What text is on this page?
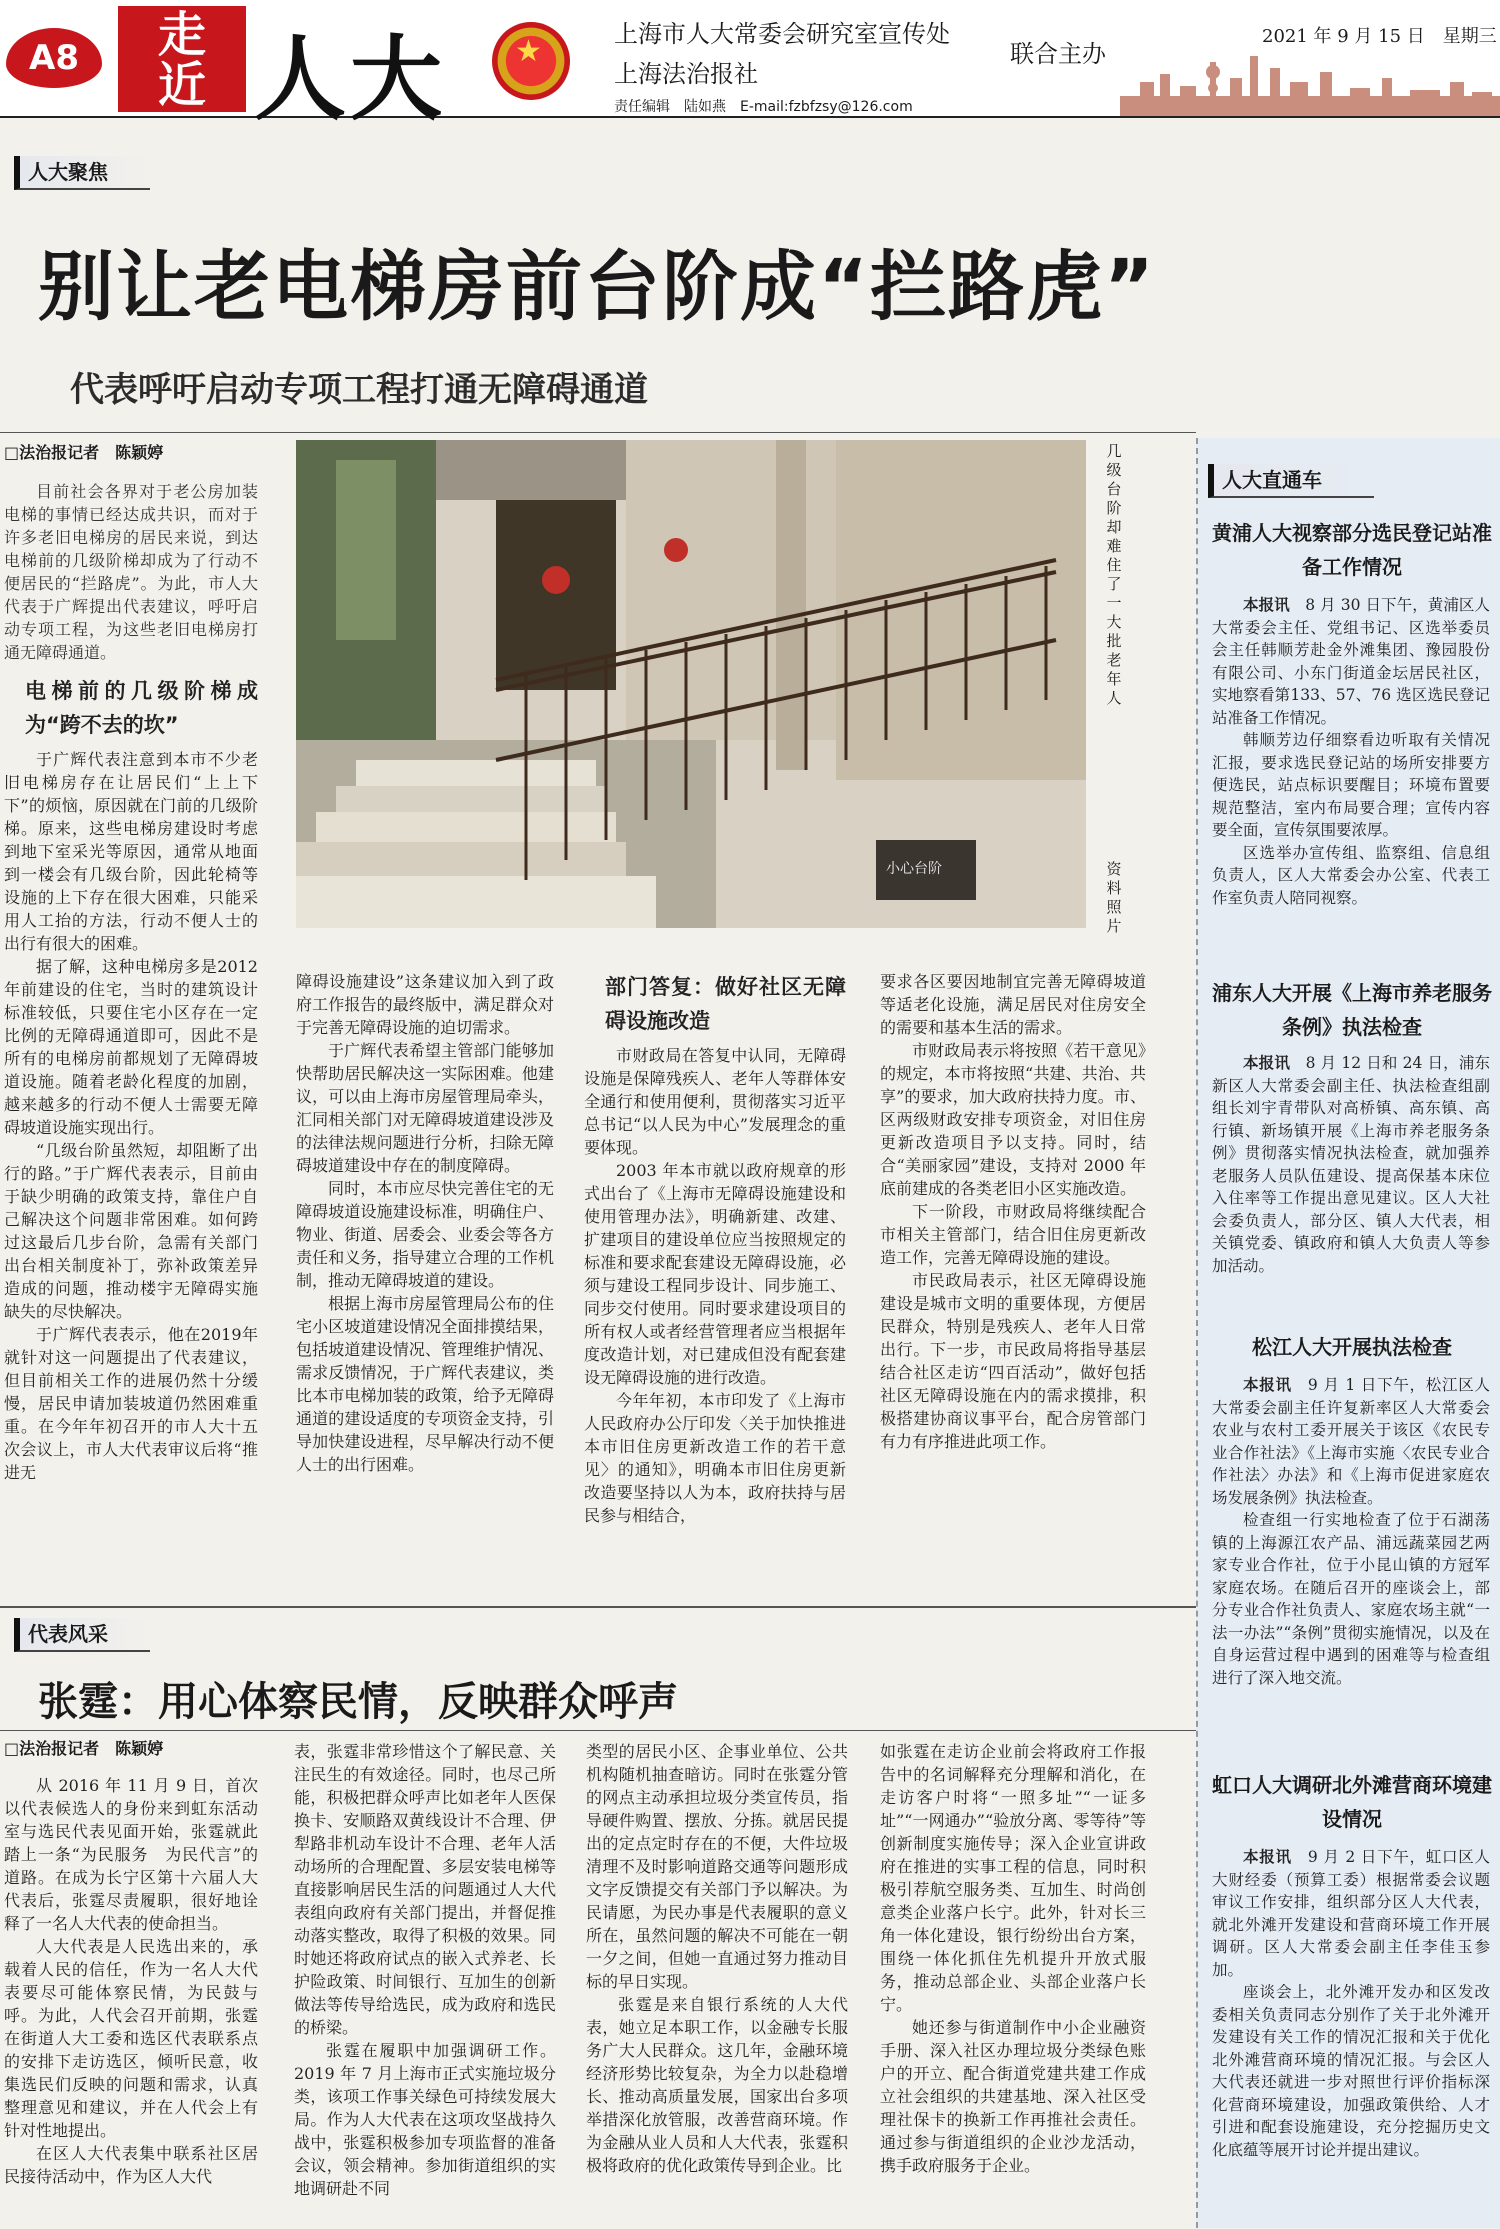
A8	走近 人大 ★	上海市人大常委会研究室宣传处
上海法治报社
联合主办
责任编辑　陆如燕　E-mail:fzbfzsy@126.com
2021 年 9 月 15 日　星期三
人大聚焦
别让老电梯房前台阶成“拦路虎”
代表呼吁启动专项工程打通无障碍通道
□法治报记者　陈颖婷

目前社会各界对于老公房加装电梯的事情已经达成共识，而对于许多老旧电梯房的居民来说，到达电梯前的几级阶梯却成为了行动不便居民的“拦路虎”。为此，市人大代表于广辉提出代表建议，呼吁启动专项工程，为这些老旧电梯房打通无障碍通道。

电梯前的几级阶梯成为“跨不去的坎”

于广辉代表注意到本市不少老旧电梯房存在让居民们“上上下下”的烦恼，原因就在门前的几级阶梯。原来，这些电梯房建设时考虑到地下室采光等原因，通常从地面到一楼会有几级台阶，因此轮椅等设施的上下存在很大困难，只能采用人工抬的方法，行动不便人士的出行有很大的困难。

据了解，这种电梯房多是2012年前建设的住宅，当时的建筑设计标准较低，只要住宅小区存在一定比例的无障碍通道即可，因此不是所有的电梯房前都规划了无障碍坡道设施。随着老龄化程度的加剧，越来越多的行动不便人士需要无障碍坡道设施实现出行。

“几级台阶虽然短，却阻断了出行的路。”于广辉代表表示，目前由于缺少明确的政策支持，靠住户自己解决这个问题非常困难。如何跨过这最后几步台阶，急需有关部门出台相关制度补丁，弥补政策差异造成的问题，推动楼宇无障碍实施缺失的尽快解决。

于广辉代表表示，他在2019年就针对这一问题提出了代表建议，但目前相关工作的进展仍然十分缓慢，居民申请加装坡道仍然困难重重。在今年年初召开的市人大十五次会议上，市人大代表审议后将“推进无

小心台阶
几级台阶却难住了一大批老年人
资料照片

障碍设施建设”这条建议加入到了政府工作报告的最终版中，满足群众对于完善无障碍设施的迫切需求。

于广辉代表希望主管部门能够加快帮助居民解决这一实际困难。他建议，可以由上海市房屋管理局牵头，汇同相关部门对无障碍坡道建设涉及的法律法规问题进行分析，扫除无障碍坡道建设中存在的制度障碍。

同时，本市应尽快完善住宅的无障碍坡道设施建设标准，明确住户、物业、街道、居委会、业委会等各方责任和义务，指导建立合理的工作机制，推动无障碍坡道的建设。

根据上海市房屋管理局公布的住宅小区坡道建设情况全面排摸结果，包括坡道建设情况、管理维护情况、需求反馈情况，于广辉代表建议，类比本市电梯加装的政策，给予无障碍通道的建设适度的专项资金支持，引导加快建设进程，尽早解决行动不便人士的出行困难。

部门答复：做好社区无障碍设施改造

市财政局在答复中认同，无障碍设施是保障残疾人、老年人等群体安全通行和使用便利，贯彻落实习近平总书记“以人民为中心”发展理念的重要体现。

2003 年本市就以政府规章的形式出台了《上海市无障碍设施建设和使用管理办法》，明确新建、改建、扩建项目的建设单位应当按照规定的标准和要求配套建设无障碍设施，必须与建设工程同步设计、同步施工、同步交付使用。同时要求建设项目的所有权人或者经营管理者应当根据年度改造计划，对已建成但没有配套建设无障碍设施的进行改造。

今年年初，本市印发了《上海市人民政府办公厅印发〈关于加快推进本市旧住房更新改造工作的若干意见〉的通知》，明确本市旧住房更新改造要坚持以人为本，政府扶持与居民参与相结合，

要求各区要因地制宜完善无障碍坡道等适老化设施，满足居民对住房安全的需要和基本生活的需求。

市财政局表示将按照《若干意见》的规定，本市将按照“共建、共治、共享”的要求，加大政府扶持力度。市、区两级财政安排专项资金，对旧住房更新改造项目予以支持。同时，结合“美丽家园”建设，支持对 2000 年底前建成的各类老旧小区实施改造。

下一阶段，市财政局将继续配合市相关主管部门，结合旧住房更新改造工作，完善无障碍设施的建设。

市民政局表示，社区无障碍设施建设是城市文明的重要体现，方便居民群众，特别是残疾人、老年人日常出行。下一步，市民政局将指导基层结合社区走访“四百活动”，做好包括社区无障碍设施在内的需求摸排，积极搭建协商议事平台，配合房管部门有力有序推进此项工作。

代表风采
张霆：用心体察民情，反映群众呼声
□法治报记者　陈颖婷

从 2016 年 11 月 9 日，首次以代表候选人的身份来到虹东活动室与选民代表见面开始，张霆就此踏上一条“为民服务　为民代言”的道路。在成为长宁区第十六届人大代表后，张霆尽责履职，很好地诠释了一名人大代表的使命担当。

人大代表是人民选出来的，承载着人民的信任，作为一名人大代表要尽可能体察民情，为民鼓与呼。为此，人代会召开前期，张霆在街道人大工委和选区代表联系点的安排下走访选区，倾听民意，收集选民们反映的问题和需求，认真整理意见和建议，并在人代会上有针对性地提出。

在区人大代表集中联系社区居民接待活动中，作为区人大代

表，张霆非常珍惜这个了解民意、关注民生的有效途径。同时，也尽己所能，积极把群众呼声比如老年人医保换卡、安顺路双黄线设计不合理、伊犁路非机动车设计不合理、老年人活动场所的合理配置、多层安装电梯等直接影响居民生活的问题通过人大代表组向政府有关部门提出，并督促推动落实整改，取得了积极的效果。同时她还将政府试点的嵌入式养老、长护险政策、时间银行、互加生的创新做法等传导给选民，成为政府和选民的桥梁。

张霆在履职中加强调研工作。2019 年 7 月上海市正式实施垃圾分类，该项工作事关绿色可持续发展大局。作为人大代表在这项攻坚战持久战中，张霆积极参加专项监督的准备会议，领会精神。参加街道组织的实地调研赴不同

类型的居民小区、企事业单位、公共机构随机抽查暗访。同时在张霆分管的网点主动承担垃圾分类宣传员，指导硬件购置、摆放、分拣。就居民提出的定点定时存在的不便，大件垃圾清理不及时影响道路交通等问题形成文字反馈提交有关部门予以解决。为民请愿，为民办事是代表履职的意义所在，虽然问题的解决不可能在一朝一夕之间，但她一直通过努力推动目标的早日实现。

张霆是来自银行系统的人大代表，她立足本职工作，以金融专长服务广大人民群众。这几年，金融环境经济形势比较复杂，为全力以赴稳增长、推动高质量发展，国家出台多项举措深化放管服，改善营商环境。作为金融从业人员和人大代表，张霆积极将政府的优化政策传导到企业。比

如张霆在走访企业前会将政府工作报告中的名词解释充分理解和消化，在走访客户时将“一照多址”“一证多址”“一网通办”“验放分离、零等待”等创新制度实施传导；深入企业宣讲政府在推进的实事工程的信息，同时积极引荐航空服务类、互加生、时尚创意类企业落户长宁。此外，针对长三角一体化建设，银行纷纷出台方案，围绕一体化抓住先机提升开放式服务，推动总部企业、头部企业落户长宁。

她还参与街道制作中小企业融资手册、深入社区办理垃圾分类绿色账户的开立、配合街道党建共建工作成立社会组织的共建基地、深入社区受理社保卡的换新工作再推社会责任。通过参与街道组织的企业沙龙活动，携手政府服务于企业。

人大直通车
黄浦人大视察部分选民登记站准备工作情况

本报讯　8 月 30 日下午，黄浦区人大常委会主任、党组书记、区选举委员会主任韩顺芳赴金外滩集团、豫园股份有限公司、小东门街道金坛居民社区，实地察看第133、57、76 选区选民登记站准备工作情况。

韩顺芳边仔细察看边听取有关情况汇报，要求选民登记站的场所安排要方便选民，站点标识要醒目；环境布置要规范整洁，室内布局要合理；宣传内容要全面，宣传氛围要浓厚。

区选举办宣传组、监察组、信息组负责人，区人大常委会办公室、代表工作室负责人陪同视察。

浦东人大开展《上海市养老服务条例》执法检查

本报讯　8 月 12 日和 24 日，浦东新区人大常委会副主任、执法检查组副组长刘宇青带队对高桥镇、高东镇、高行镇、新场镇开展《上海市养老服务条例》贯彻落实情况执法检查，就加强养老服务人员队伍建设、提高保基本床位入住率等工作提出意见建议。区人大社会委负责人，部分区、镇人大代表，相关镇党委、镇政府和镇人大负责人等参加活动。

松江人大开展执法检查

本报讯　9 月 1 日下午，松江区人大常委会副主任许复新率区人大常委会农业与农村工委开展关于该区《农民专业合作社法》《上海市实施〈农民专业合作社法〉办法》和《上海市促进家庭农场发展条例》执法检查。

检查组一行实地检查了位于石湖荡镇的上海源江农产品、浦远蔬菜园艺两家专业合作社，位于小昆山镇的方冠军家庭农场。在随后召开的座谈会上，部分专业合作社负责人、家庭农场主就“一法一办法”“条例”贯彻实施情况，以及在自身运营过程中遇到的困难等与检查组进行了深入地交流。

虹口人大调研北外滩营商环境建设情况

本报讯　9 月 2 日下午，虹口区人大财经委（预算工委）根据常委会议题审议工作安排，组织部分区人大代表，就北外滩开发建设和营商环境工作开展调研。区人大常委会副主任李佳玉参加。

座谈会上，北外滩开发办和区发改委相关负责同志分别作了关于北外滩开发建设有关工作的情况汇报和关于优化北外滩营商环境的情况汇报。与会区人大代表还就进一步对照世行评价指标深化营商环境建设，加强政策供给、人才引进和配套设施建设，充分挖掘历史文化底蕴等展开讨论并提出建议。
